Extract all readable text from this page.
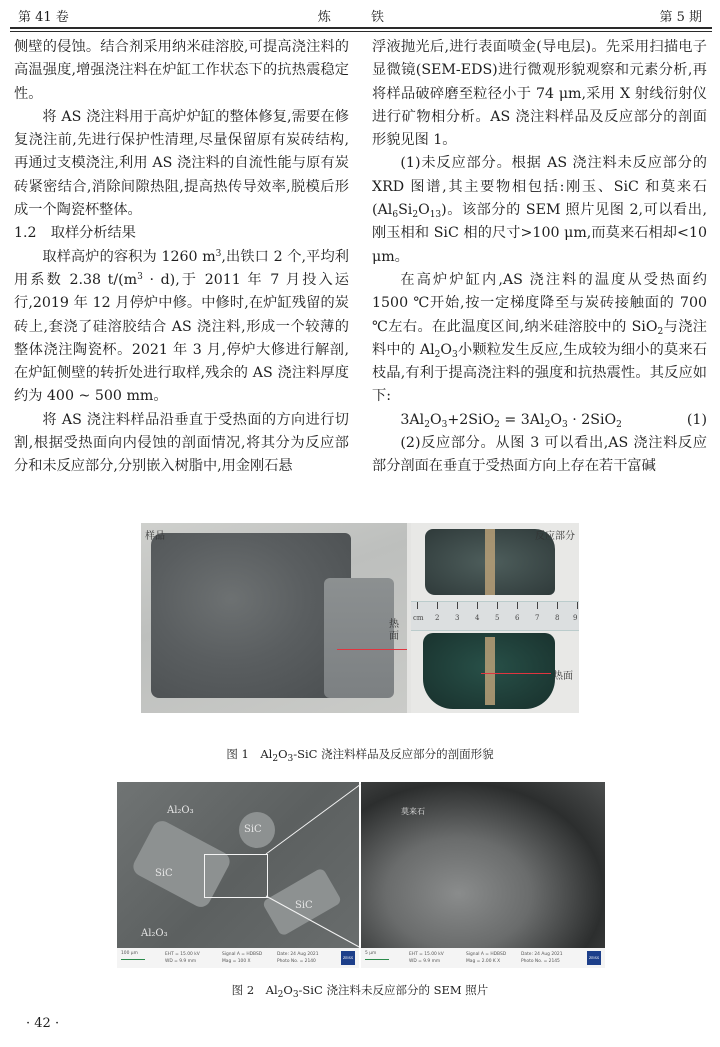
第 41 卷	炼 铁	第 5 期

侧壁的侵蚀。结合剂采用纳米硅溶胶,可提高浇注料的高温强度,增强浇注料在炉缸工作状态下的抗热震稳定性。

将 AS 浇注料用于高炉炉缸的整体修复,需要在修复浇注前,先进行保护性清理,尽量保留原有炭砖结构,再通过支模浇注,利用 AS 浇注料的自流性能与原有炭砖紧密结合,消除间隙热阻,提高热传导效率,脱模后形成一个陶瓷杯整体。

1.2　取样分析结果

取样高炉的容积为 1260 $m^3$,出铁口 2 个,平均利用系数 2.38 $t/(m^3 \cdot d)$,于 2011 年 7 月投入运行,2019 年 12 月停炉中修。中修时,在炉缸残留的炭砖上,套浇了硅溶胶结合 AS 浇注料,形成一个较薄的整体浇注陶瓷杯。2021 年 3 月,停炉大修进行解剖,在炉缸侧壁的转折处进行取样,残余的 AS 浇注料厚度约为 400 ~ 500 mm。

将 AS 浇注料样品沿垂直于受热面的方向进行切割,根据受热面向内侵蚀的剖面情况,将其分为反应部分和未反应部分,分别嵌入树脂中,用金刚石悬

浮液抛光后,进行表面喷金(导电层)。先采用扫描电子显微镜(SEM-EDS)进行微观形貌观察和元素分析,再将样品破碎磨至粒径小于 74 μm,采用 X 射线衍射仪进行矿物相分析。AS 浇注料样品及反应部分的剖面形貌见图 1。

(1)未反应部分。根据 AS 浇注料未反应部分的 XRD 图谱,其主要物相包括:刚玉、SiC 和莫来石$(Al_6Si_2O_{13})$。该部分的 SEM 照片见图 2,可以看出,刚玉相和 SiC 相的尺寸>100 μm,而莫来石相却<10 μm。

在高炉炉缸内,AS 浇注料的温度从受热面约 1500 ℃开始,按一定梯度降至与炭砖接触面的 700 ℃左右。在此温度区间,纳米硅溶胶中的 SiO$_2$与浇注料中的 $Al_2O_3$小颗粒发生反应,生成较为细小的莫来石枝晶,有利于提高浇注料的强度和抗热震性。其反应如下:

$3Al_2O_3+2SiO_2 = 3Al_2O_3 \cdot 2SiO_2$	(1)

(2)反应部分。从图 3 可以看出,AS 浇注料反应部分剖面在垂直于受热面方向上存在若干富碱

样品
热面
cm 2 3 4 5 6 7 8 9
反应部分
热面
图 1　$Al_2O_3$-SiC 浇注料样品及反应部分的剖面形貌
Al₂O₃
SiC
SiC
SiC
Al₂O₃
100 μm	EHT = 15.00 kV
WD = 9.9 mm
Signal A = HDBSD
Mag = 100 X
Date: 24 Aug 2021
Photo No. = 2140
ZEISS
莫来石
5 μm	EHT = 15.00 kV
WD = 9.9 mm
Signal A = HDBSD
Mag = 2.00 K X
Date: 24 Aug 2021
Photo No. = 2145
ZEISS
图 2　$Al_2O_3$-SiC 浇注料未反应部分的 SEM 照片
· 42 ·
